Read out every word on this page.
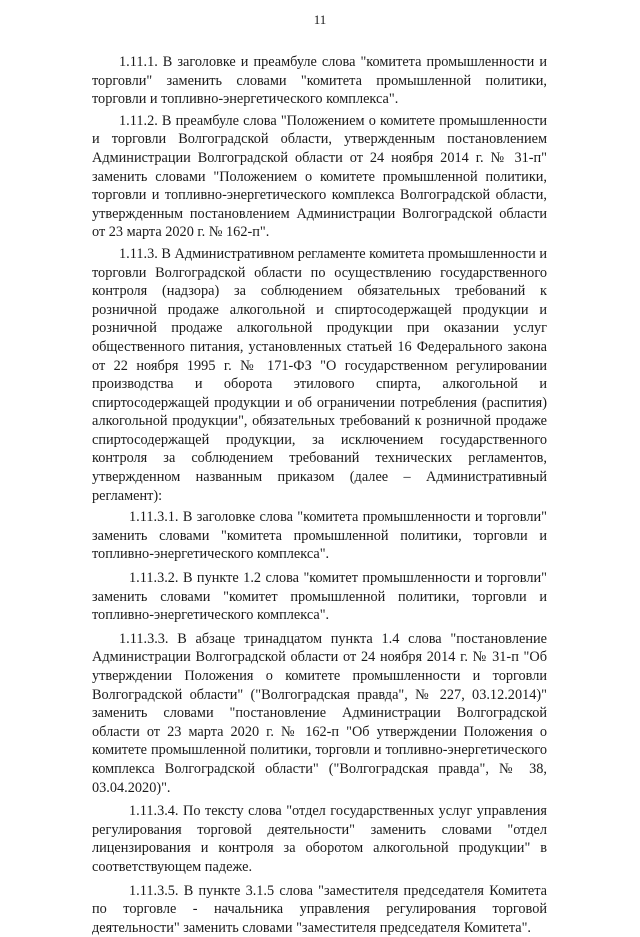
11

1.11.1. В заголовке и преамбуле слова "комитета промышленности и торговли" заменить словами "комитета промышленной политики, торговли и топливно-энергетического комплекса".

1.11.2. В преамбуле слова "Положением о комитете промышленности и торговли Волгоградской области, утвержденным постановлением Администрации Волгоградской области от 24 ноября 2014 г. № 31-п" заменить словами "Положением о комитете промышленной политики, торговли и топливно-энергетического комплекса Волгоградской области, утвержденным постановлением Администрации Волгоградской области от 23 марта 2020 г. № 162-п".

1.11.3. В Административном регламенте комитета промышленности и торговли Волгоградской области по осуществлению государственного контроля (надзора) за соблюдением обязательных требований к розничной продаже алкогольной и спиртосодержащей продукции и розничной продаже алкогольной продукции при оказании услуг общественного питания, установленных статьей 16 Федерального закона от 22 ноября 1995 г. № 171-ФЗ "О государственном регулировании производства и оборота этилового спирта, алкогольной и спиртосодержащей продукции и об ограничении потребления (распития) алкогольной продукции", обязательных требований к розничной продаже спиртосодержащей продукции, за исключением государственного контроля за соблюдением требований технических регламентов, утвержденном названным приказом (далее – Административный регламент):

1.11.3.1. В заголовке слова "комитета промышленности и торговли" заменить словами "комитета промышленной политики, торговли и топливно-энергетического комплекса".

1.11.3.2. В пункте 1.2 слова "комитет промышленности и торговли" заменить словами "комитет промышленной политики, торговли и топливно-энергетического комплекса".

1.11.3.3. В абзаце тринадцатом пункта 1.4 слова "постановление Администрации Волгоградской области от 24 ноября 2014 г. № 31-п "Об утверждении Положения о комитете промышленности и торговли Волгоградской области" ("Волгоградская правда", № 227, 03.12.2014)" заменить словами "постановление Администрации Волгоградской области от 23 марта 2020 г. № 162-п "Об утверждении Положения о комитете промышленной политики, торговли и топливно-энергетического комплекса Волгоградской области" ("Волгоградская правда", № 38, 03.04.2020)".

1.11.3.4. По тексту слова "отдел государственных услуг управления регулирования торговой деятельности" заменить словами "отдел лицензирования и контроля за оборотом алкогольной продукции" в соответствующем падеже.

1.11.3.5. В пункте 3.1.5 слова "заместителя председателя Комитета по торговле - начальника управления регулирования торговой деятельности" заменить словами "заместителя председателя Комитета".
